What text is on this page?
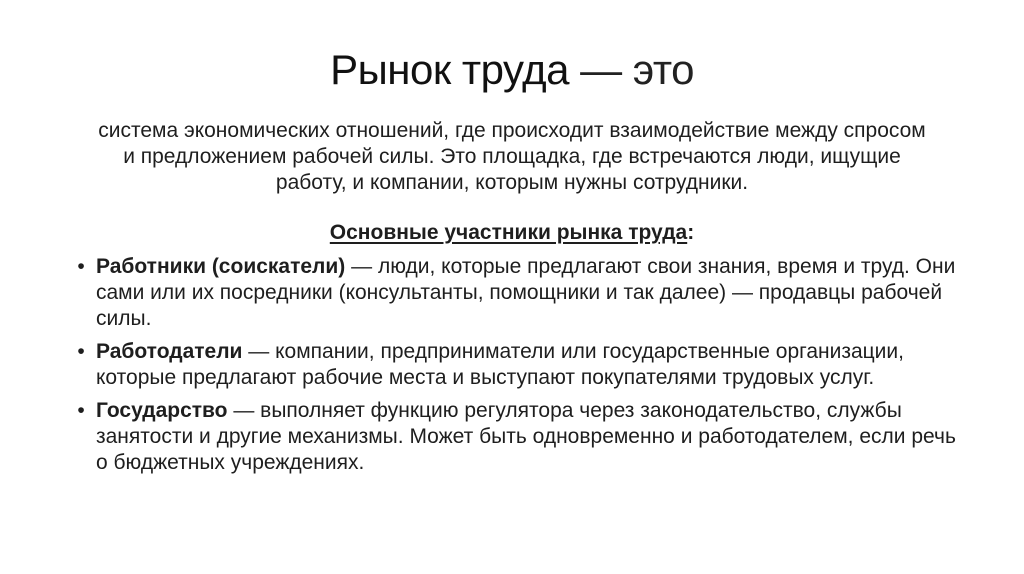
Рынок труда — это
система экономических отношений, где происходит взаимодействие между спросом и предложением рабочей силы. Это площадка, где встречаются люди, ищущие работу, и компании, которым нужны сотрудники.
Основные участники рынка труда:
• Работники (соискатели) — люди, которые предлагают свои знания, время и труд. Они сами или их посредники (консультанты, помощники и так далее) — продавцы рабочей силы.
• Работодатели — компании, предприниматели или государственные организации, которые предлагают рабочие места и выступают покупателями трудовых услуг.
• Государство — выполняет функцию регулятора через законодательство, службы занятости и другие механизмы. Может быть одновременно и работодателем, если речь о бюджетных учреждениях.
